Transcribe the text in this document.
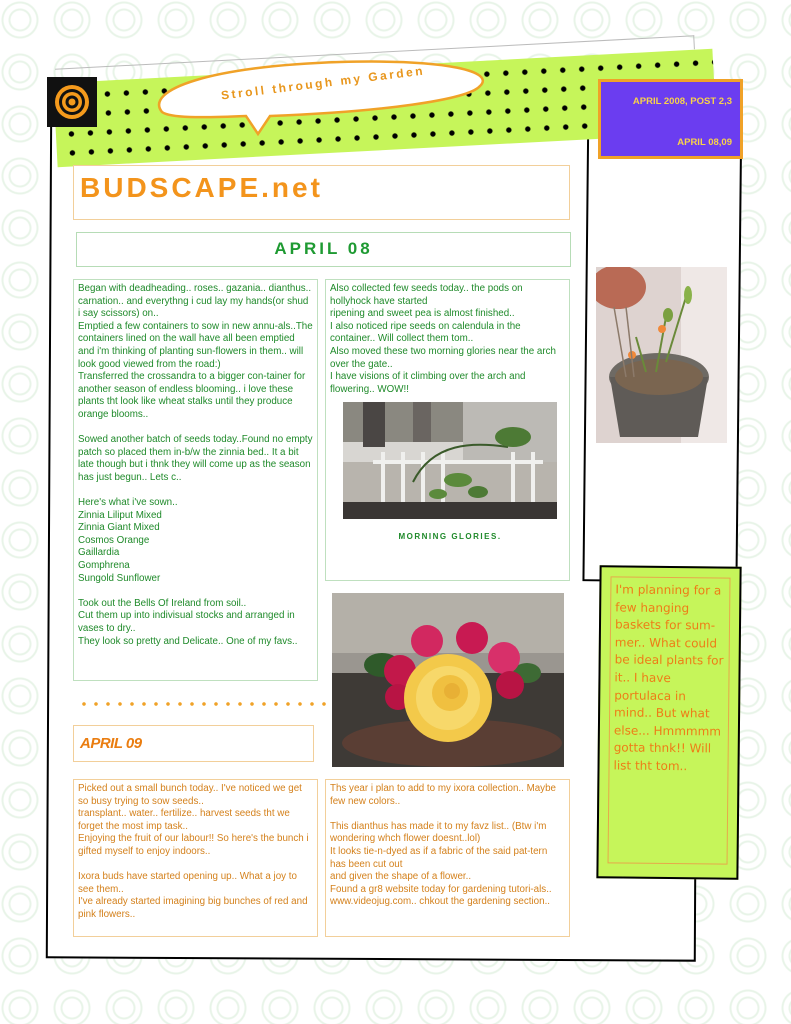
Stroll through my Garden	APRIL 2008, POST 2,3
APRIL 08,09
BUDSCAPE.net
APRIL 08

Began with deadheading.. roses.. gazania.. dianthus.. carnation.. and everythng i cud lay my hands(or shud i say scissors) on..

Emptied a few containers to sow in new annu-als..The containers lined on the wall have all been emptied and i'm thinking of planting sun-flowers in them.. will look good viewed from the road:)

Transferred the crossandra to a bigger con-tainer for another season of endless blooming.. i love these plants tht look like wheat stalks until they produce orange blooms..

Sowed another batch of seeds today..Found no empty patch so placed them in-b/w the zinnia bed.. It a bit late though but i thnk they will come up as the season has just begun.. Lets c..

Here's what i've sown..

Zinnia Liliput Mixed

Zinnia Giant Mixed

Cosmos Orange

Gaillardia

Gomphrena

Sungold Sunflower

Took out the Bells Of Ireland from soil..

Cut them up into indivisual stocks and arranged in vases to dry..

They look so pretty and Delicate.. One of my favs..

Also collected few seeds today.. the pods on hollyhock have started

ripening and sweet pea is almost finished..

I also noticed ripe seeds on calendula in the container.. Will collect them tom..

Also moved these two morning glories near the arch over the gate..

I have visions of it climbing over the arch and flowering.. WOW!!

MORNING GLORIES.
APRIL 09

Picked out a small bunch today.. I've noticed we get so busy trying to sow seeds..

transplant.. water.. fertilize.. harvest seeds tht we forget the most imp task..

Enjoying the fruit of our labour!! So here's the bunch i gifted myself to enjoy indoors..

Ixora buds have started opening up.. What a joy to see them..

I've already started imagining big bunches of red and pink flowers..

Ths year i plan to add to my ixora collection.. Maybe few new colors..

This dianthus has made it to my favz list.. (Btw i'm wondering whch flower doesnt..lol)

It looks tie-n-dyed as if a fabric of the said pat-tern has been cut out

and given the shape of a flower..

Found a gr8 website today for gardening tutori-als.. www.videojug.com.. chkout the gardening section..

I'm planning for a few hanging baskets for sum-mer.. What could be ideal plants for it.. I have portulaca in mind.. But what else... Hmmmmm gotta thnk!! Will list tht tom..
